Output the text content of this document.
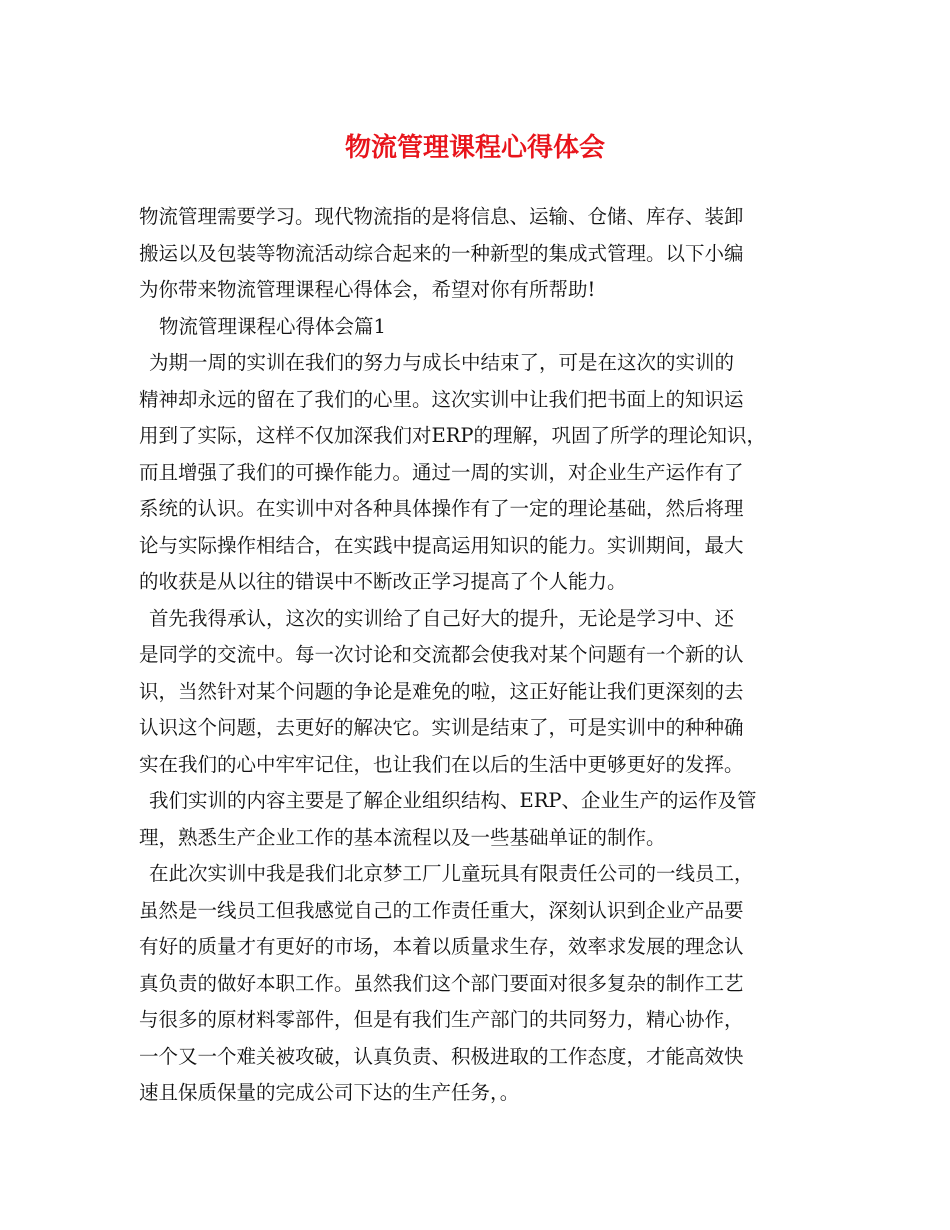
物流管理课程心得体会
物流管理需要学习。现代物流指的是将信息、运输、仓储、库存、装卸
搬运以及包装等物流活动综合起来的一种新型的集成式管理。以下小编
为你带来物流管理课程心得体会，希望对你有所帮助!
物流管理课程心得体会篇1
为期一周的实训在我们的努力与成长中结束了，可是在这次的实训的
精神却永远的留在了我们的心里。这次实训中让我们把书面上的知识运
用到了实际，这样不仅加深我们对ERP的理解，巩固了所学的理论知识，
而且增强了我们的可操作能力。通过一周的实训，对企业生产运作有了
系统的认识。在实训中对各种具体操作有了一定的理论基础，然后将理
论与实际操作相结合，在实践中提高运用知识的能力。实训期间，最大
的收获是从以往的错误中不断改正学习提高了个人能力。
首先我得承认，这次的实训给了自己好大的提升，无论是学习中、还
是同学的交流中。每一次讨论和交流都会使我对某个问题有一个新的认
识，当然针对某个问题的争论是难免的啦，这正好能让我们更深刻的去
认识这个问题，去更好的解决它。实训是结束了，可是实训中的种种确
实在我们的心中牢牢记住，也让我们在以后的生活中更够更好的发挥。
我们实训的内容主要是了解企业组织结构、ERP、企业生产的运作及管
理，熟悉生产企业工作的基本流程以及一些基础单证的制作。
在此次实训中我是我们北京梦工厂儿童玩具有限责任公司的一线员工，
虽然是一线员工但我感觉自己的工作责任重大，深刻认识到企业产品要
有好的质量才有更好的市场，本着以质量求生存，效率求发展的理念认
真负责的做好本职工作。虽然我们这个部门要面对很多复杂的制作工艺
与很多的原材料零部件，但是有我们生产部门的共同努力，精心协作，
一个又一个难关被攻破，认真负责、积极进取的工作态度，才能高效快
速且保质保量的完成公司下达的生产任务，。
